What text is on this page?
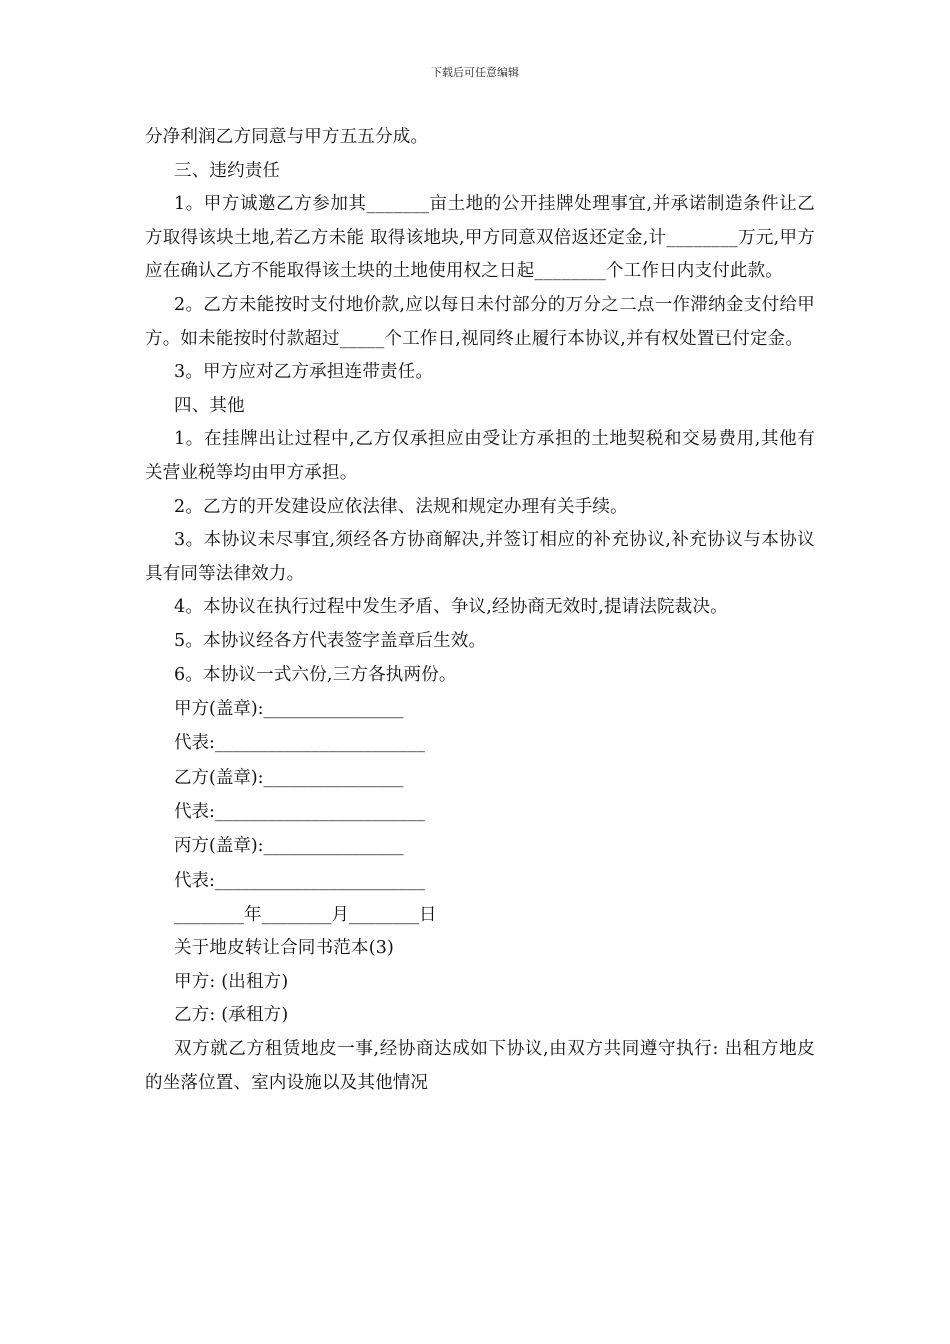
下载后可任意编辑

分净利润乙方同意与甲方五五分成。

三、违约责任

1。甲方诚邀乙方参加其_______亩土地的公开挂牌处理事宜,并承诺制造条件让乙方取得该块土地,若乙方未能 取得该地块,甲方同意双倍返还定金,计________万元,甲方应在确认乙方不能取得该土块的土地使用权之日起________个工作日内支付此款。

2。乙方未能按时支付地价款,应以每日未付部分的万分之二点一作滞纳金支付给甲方。如未能按时付款超过_____个工作日,视同终止履行本协议,并有权处置已付定金。

3。甲方应对乙方承担连带责任。

四、其他

1。在挂牌出让过程中,乙方仅承担应由受让方承担的土地契税和交易费用,其他有关营业税等均由甲方承担。

2。乙方的开发建设应依法律、法规和规定办理有关手续。

3。本协议未尽事宜,须经各方协商解决,并签订相应的补充协议,补充协议与本协议具有同等法律效力。

4。本协议在执行过程中发生矛盾、争议,经协商无效时,提请法院裁决。

5。本协议经各方代表签字盖章后生效。

6。本协议一式六份,三方各执两份。

甲方(盖章):________________

代表:________________________

乙方(盖章):________________

代表:________________________

丙方(盖章):________________

代表:________________________

________年________月________日

关于地皮转让合同书范本(3)

甲方: (出租方)

乙方: (承租方)

双方就乙方租赁地皮一事,经协商达成如下协议,由双方共同遵守执行: 出租方地皮的坐落位置、室内设施以及其他情况
